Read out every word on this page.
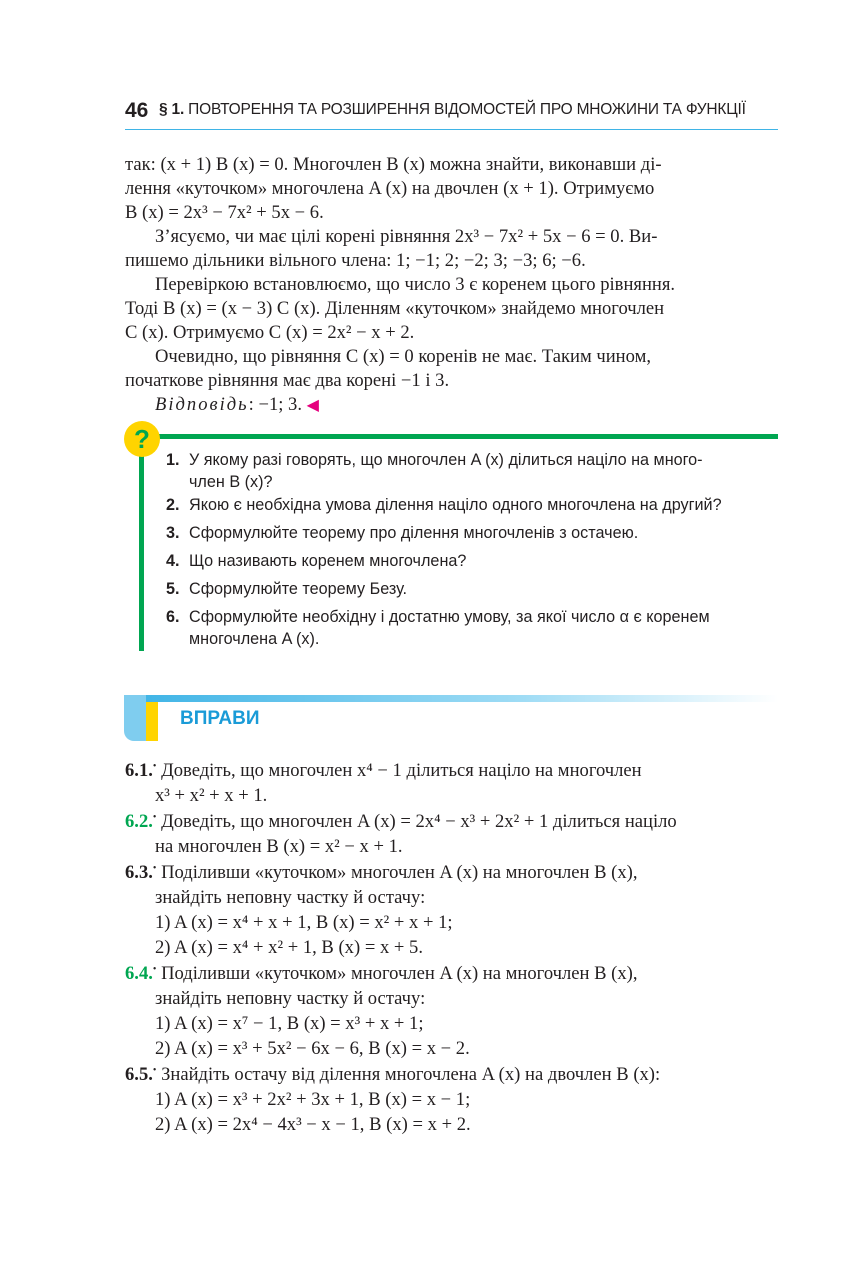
46 § 1. ПОВТОРЕННЯ ТА РОЗШИРЕННЯ ВІДОМОСТЕЙ ПРО МНОЖИНИ ТА ФУНКЦІЇ
так: (x + 1) B (x) = 0. Многочлен B (x) можна знайти, виконавши ді-
лення «куточком» многочлена A (x) на двочлен (x + 1). Отримуємо
B (x) = 2x³ − 7x² + 5x − 6.
З’ясуємо, чи має цілі корені рівняння 2x³ − 7x² + 5x − 6 = 0. Ви-
пишемо дільники вільного члена: 1; −1; 2; −2; 3; −3; 6; −6.
Перевіркою встановлюємо, що число 3 є коренем цього рівняння.
Тоді B (x) = (x − 3) C (x). Діленням «куточком» знайдемо многочлен
C (x). Отримуємо C (x) = 2x² − x + 2.
Очевидно, що рівняння C (x) = 0 коренів не має. Таким чином,
початкове рівняння має два корені −1 і 3.
Відповідь: −1; 3. ◀
?
1. У якому разі говорять, що многочлен A (x) ділиться націло на много-
член B (x)?
2. Якою є необхідна умова ділення націло одного многочлена на другий?
3. Сформулюйте теорему про ділення многочленів з остачею.
4. Що називають коренем многочлена?
5. Сформулюйте теорему Безу.
6. Сформулюйте необхідну і достатню умову, за якої число α є коренем
многочлена A (x).
ВПРАВИ
6.1.• Доведіть, що многочлен x⁴ − 1 ділиться націло на многочлен
x³ + x² + x + 1.
6.2.• Доведіть, що многочлен A (x) = 2x⁴ − x³ + 2x² + 1 ділиться націло
на многочлен B (x) = x² − x + 1.
6.3.• Поділивши «куточком» многочлен A (x) на многочлен B (x),
знайдіть неповну частку й остачу:
1) A (x) = x⁴ + x + 1, B (x) = x² + x + 1;
2) A (x) = x⁴ + x² + 1, B (x) = x + 5.
6.4.• Поділивши «куточком» многочлен A (x) на многочлен B (x),
знайдіть неповну частку й остачу:
1) A (x) = x⁷ − 1, B (x) = x³ + x + 1;
2) A (x) = x³ + 5x² − 6x − 6, B (x) = x − 2.
6.5.• Знайдіть остачу від ділення многочлена A (x) на двочлен B (x):
1) A (x) = x³ + 2x² + 3x + 1, B (x) = x − 1;
2) A (x) = 2x⁴ − 4x³ − x − 1, B (x) = x + 2.
